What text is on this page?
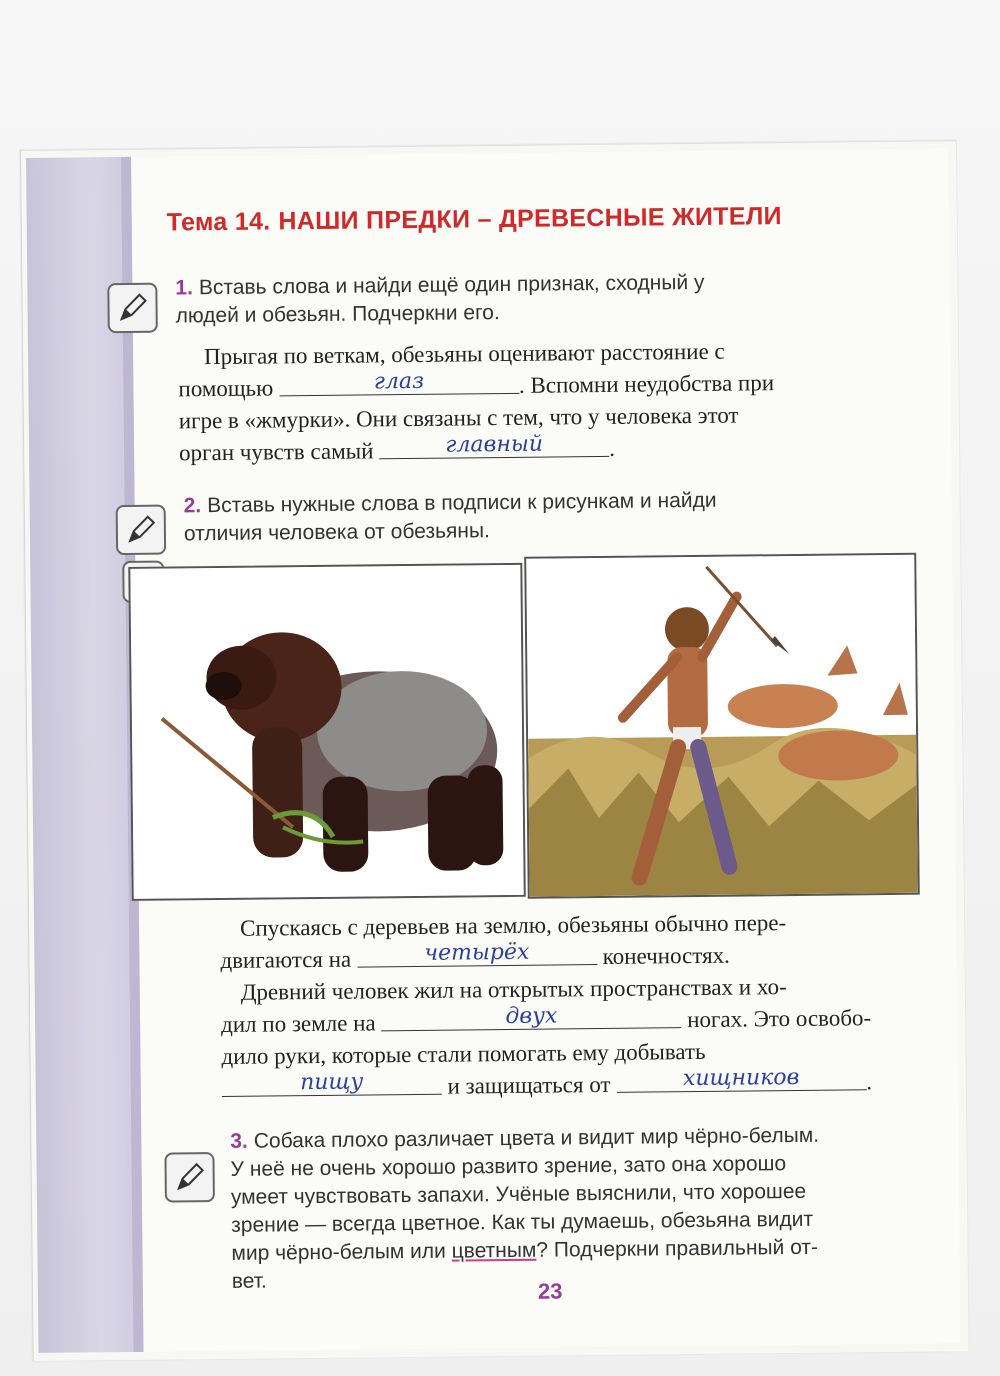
Тема 14. НАШИ ПРЕДКИ – ДРЕВЕСНЫЕ ЖИТЕЛИ
1. Вставь слова и найди ещё один признак, сходный у
людей и обезьян. Подчеркни его.
Прыгая по веткам, обезьяны оценивают расстояние с
помощью	глаз	. Вспомни неудобства при
игре в «жмурки». Они связаны с тем, что у человека этот
орган чувств самый	главный	.
2. Вставь нужные слова в подписи к рисункам и найди
отличия человека от обезьяны.
Спускаясь с деревьев на землю, обезьяны обычно пере-
двигаются на	четырёх	конечностях.
Древний человек жил на открытых пространствах и хо-
дил по земле на	двух	ногах. Это освобо-
дило руки, которые стали помогать ему добывать
пищу	и защищаться от	хищников	.
3. Собака плохо различает цвета и видит мир чёрно-белым.
У неё не очень хорошо развито зрение, зато она хорошо
умеет чувствовать запахи. Учёные выяснили, что хорошее
зрение — всегда цветное. Как ты думаешь, обезьяна видит
мир чёрно-белым или цветным? Подчеркни правильный от-
вет.	23
